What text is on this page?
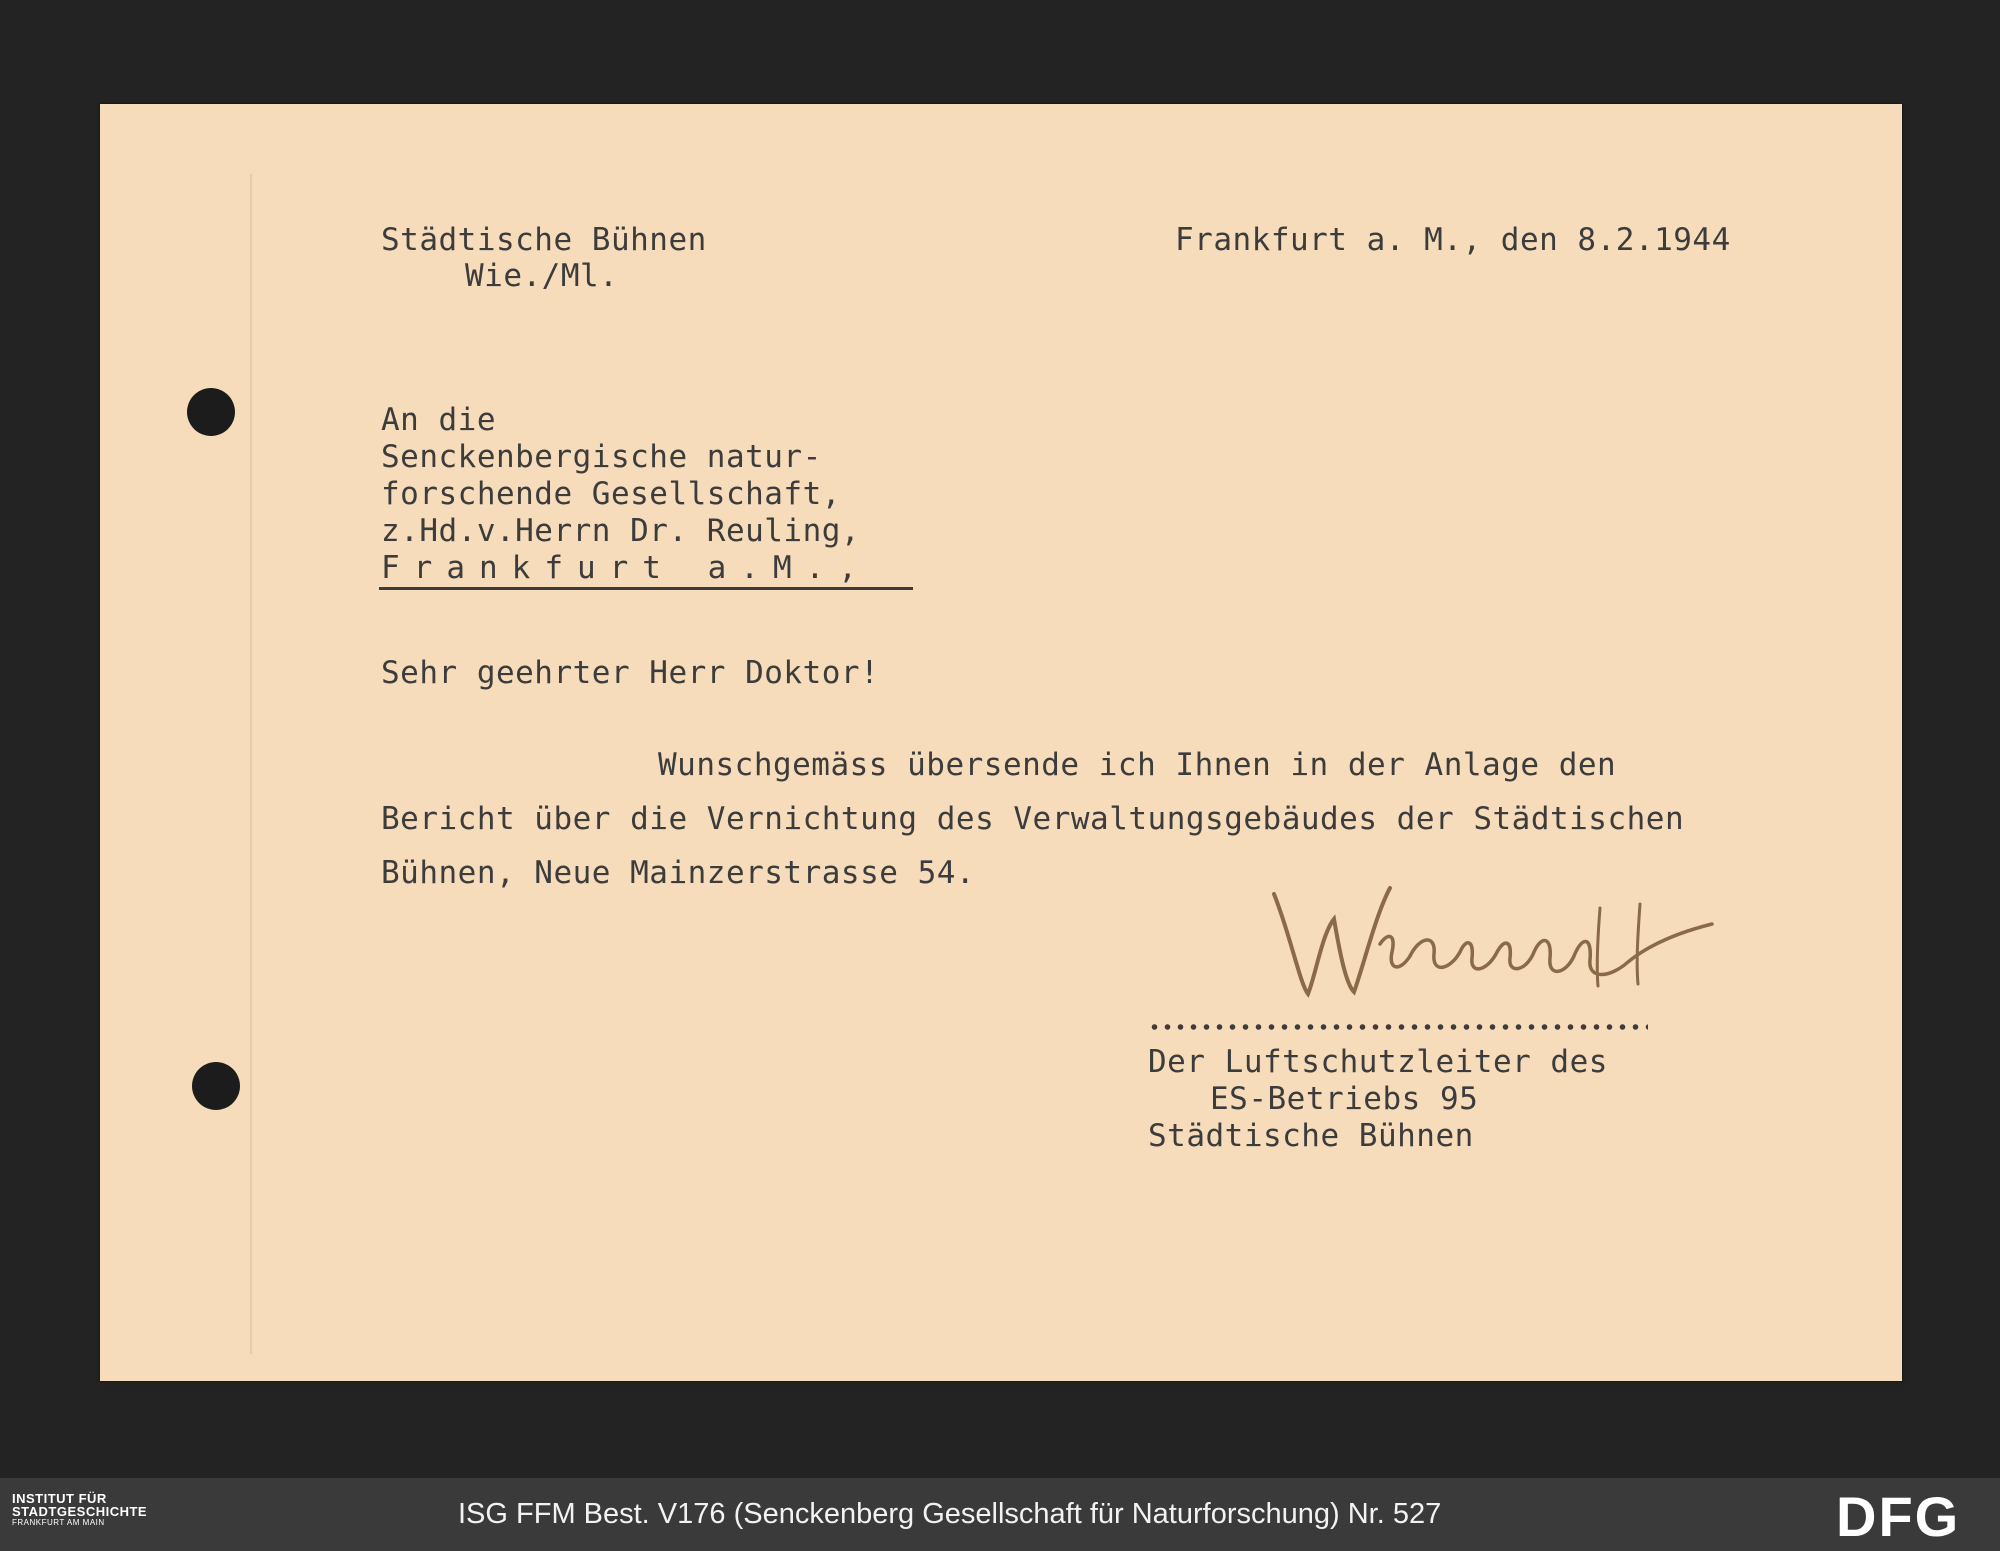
Städtische Bühnen
Wie./Ml.
Frankfurt a. M., den 8.2.1944
An die
Senckenbergische natur-
forschende Gesellschaft,
z.Hd.v.Herrn Dr. Reuling,
Frankfurt a.M.,
Sehr geehrter Herr Doktor!
Wunschgemäss übersende ich Ihnen in der Anlage den
Bericht über die Vernichtung des Verwaltungsgebäudes der Städtischen
Bühnen, Neue Mainzerstrasse 54.
Der Luftschutzleiter des
ES-Betriebs 95
Städtische Bühnen
INSTITUT FÜR
STADTGESCHICHTE
FRANKFURT AM MAIN	ISG FFM Best. V176 (Senckenberg Gesellschaft für Naturforschung) Nr. 527	DFG
